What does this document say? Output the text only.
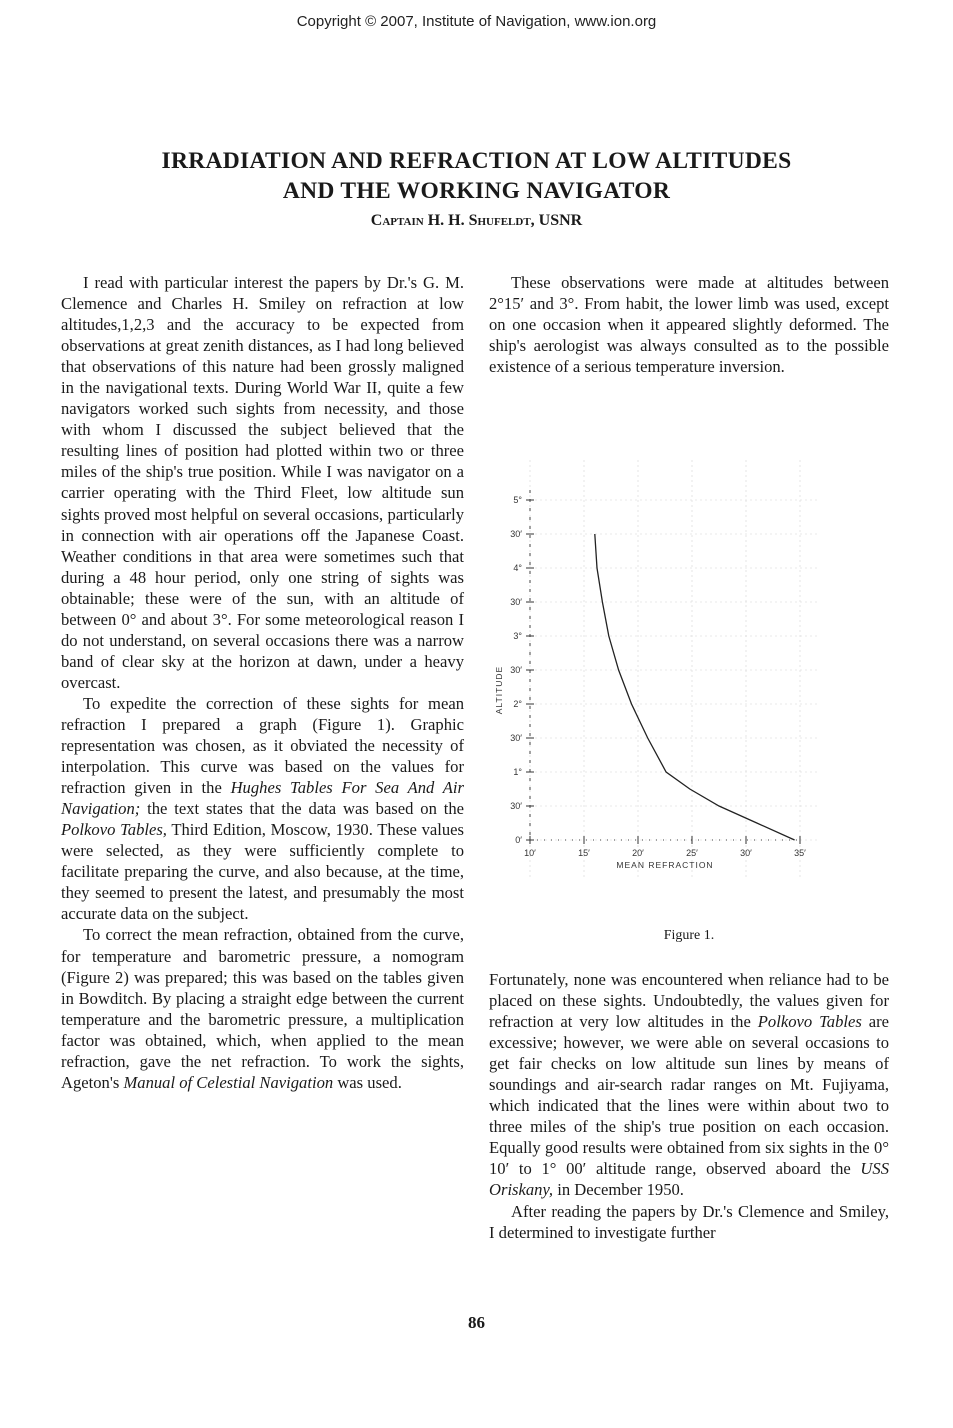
Copyright © 2007, Institute of Navigation, www.ion.org
IRRADIATION AND REFRACTION AT LOW ALTITUDES
AND THE WORKING NAVIGATOR
Captain H. H. Shufeldt, USNR

I read with particular interest the papers by Dr.'s G. M. Clemence and Charles H. Smiley on refraction at low altitudes,1,2,3 and the accuracy to be expected from observations at great zenith distances, as I had long believed that observations of this nature had been grossly maligned in the navigational texts. During World War II, quite a few navigators worked such sights from necessity, and those with whom I discussed the subject believed that the resulting lines of position had plotted within two or three miles of the ship's true position. While I was navigator on a carrier operating with the Third Fleet, low altitude sun sights proved most helpful on several occasions, particularly in connection with air operations off the Japanese Coast. Weather conditions in that area were sometimes such that during a 48 hour period, only one string of sights was obtainable; these were of the sun, with an altitude of between 0° and about 3°. For some meteorological reason I do not understand, on several occasions there was a narrow band of clear sky at the horizon at dawn, under a heavy overcast.

To expedite the correction of these sights for mean refraction I prepared a graph (Figure 1). Graphic representation was chosen, as it obviated the necessity of interpolation. This curve was based on the values for refraction given in the Hughes Tables For Sea And Air Navigation; the text states that the data was based on the Polkovo Tables, Third Edition, Moscow, 1930. These values were selected, as they were sufficiently complete to facilitate preparing the curve, and also because, at the time, they seemed to present the latest, and presumably the most accurate data on the subject.

To correct the mean refraction, obtained from the curve, for temperature and barometric pressure, a nomogram (Figure 2) was prepared; this was based on the tables given in Bowditch. By placing a straight edge between the current temperature and the barometric pressure, a multiplication factor was obtained, which, when applied to the mean refraction, gave the net refraction. To work the sights, Ageton's Manual of Celestial Navigation was used.

These observations were made at altitudes between 2°15′ and 3°. From habit, the lower limb was used, except on one occasion when it appeared slightly deformed. The ship's aerologist was always consulted as to the possible existence of a serious temperature inversion.

0′
30′
1°
30′
2°
30′
3°
30′
4°
30′
5°
10′	15′	20′	25′	30′	35′
MEAN REFRACTION
ALTITUDE
Figure 1.

Fortunately, none was encountered when reliance had to be placed on these sights. Undoubtedly, the values given for refraction at very low altitudes in the Polkovo Tables are excessive; however, we were able on several occasions to get fair checks on low altitude sun lines by means of soundings and air-search radar ranges on Mt. Fujiyama, which indicated that the lines were within about two to three miles of the ship's true position on each occasion. Equally good results were obtained from six sights in the 0° 10′ to 1° 00′ altitude range, observed aboard the USS Oriskany, in December 1950.

After reading the papers by Dr.'s Clemence and Smiley, I determined to investigate further

86
